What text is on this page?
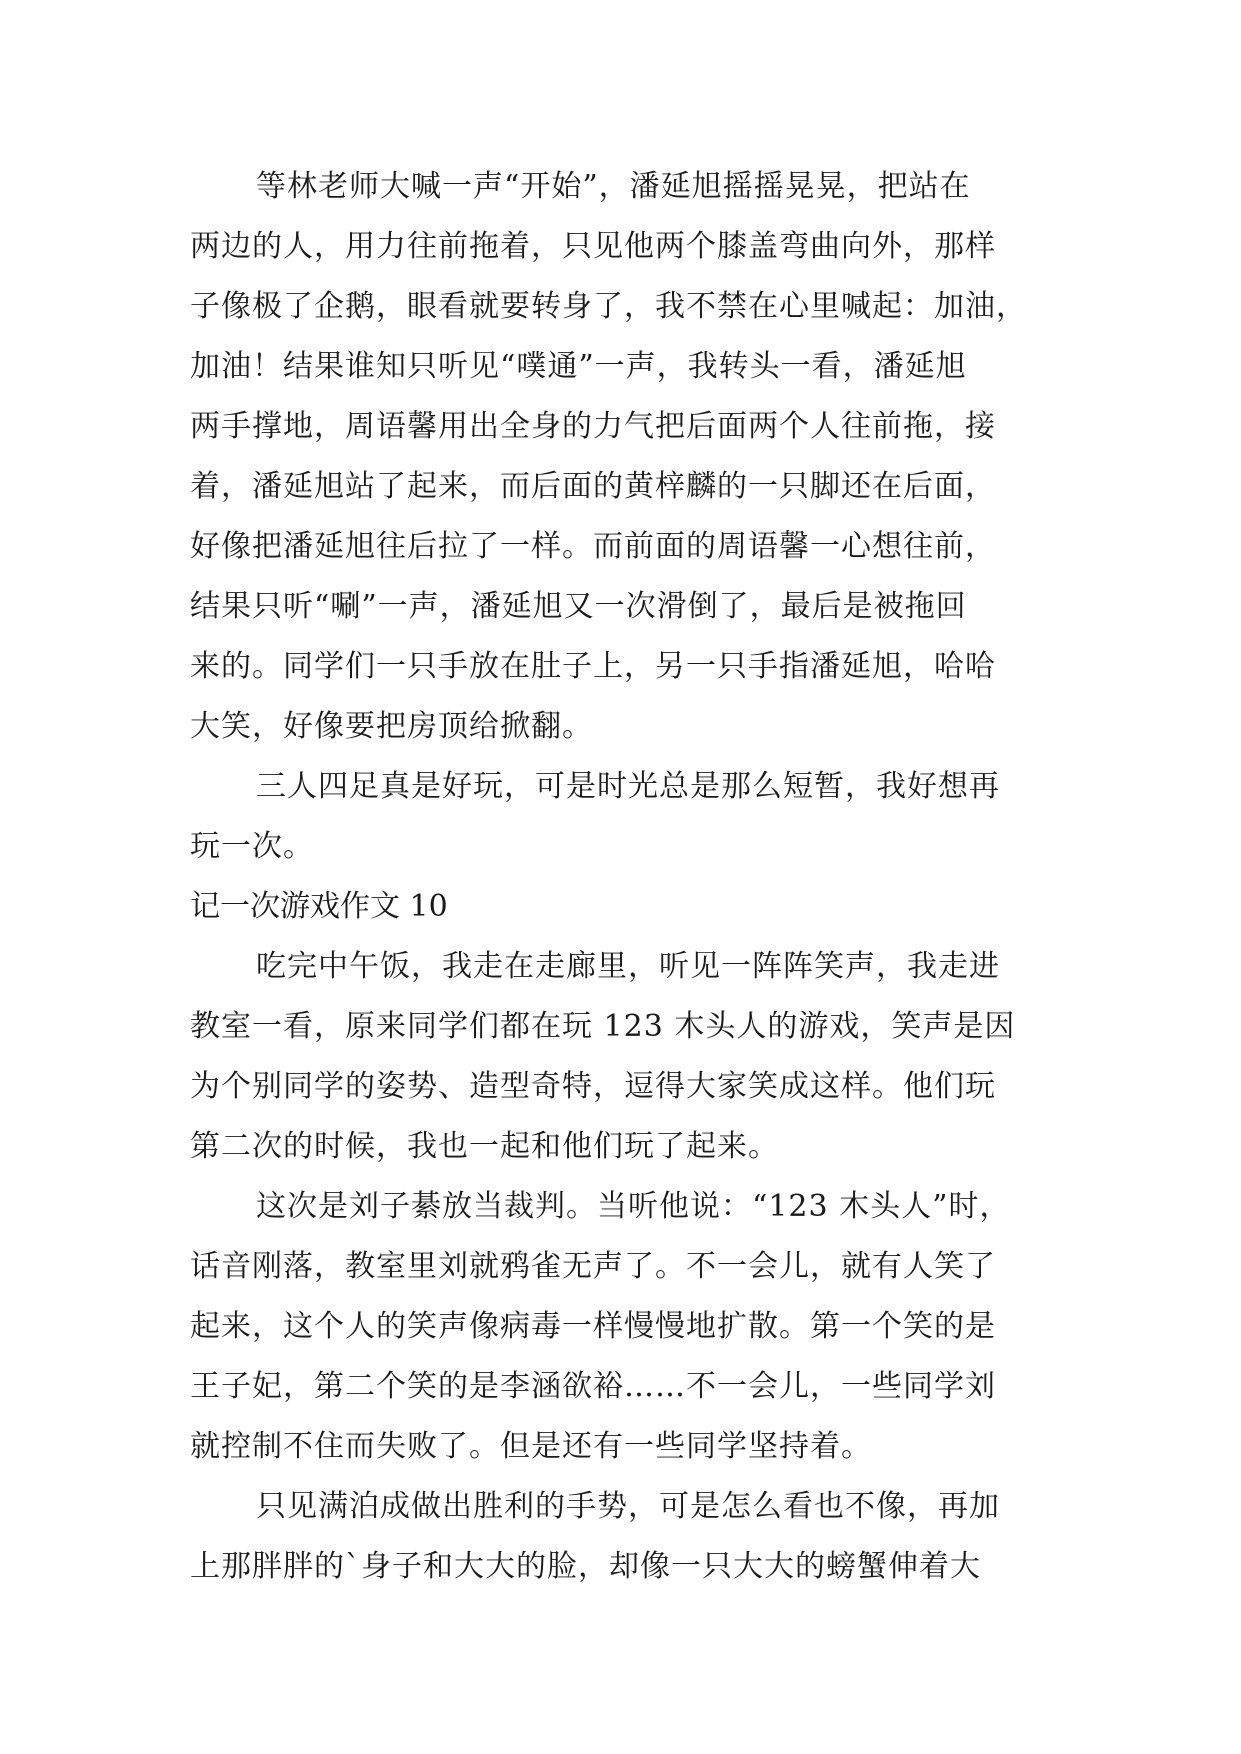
等林老师大喊一声“开始”，潘延旭摇摇晃晃，把站在
两边的人，用力往前拖着，只见他两个膝盖弯曲向外，那样
子像极了企鹅，眼看就要转身了，我不禁在心里喊起：加油，
加油！结果谁知只听见“噗通”一声，我转头一看，潘延旭
两手撑地，周语馨用出全身的力气把后面两个人往前拖，接
着，潘延旭站了起来，而后面的黄梓麟的一只脚还在后面，
好像把潘延旭往后拉了一样。而前面的周语馨一心想往前，
结果只听“唰”一声，潘延旭又一次滑倒了，最后是被拖回
来的。同学们一只手放在肚子上，另一只手指潘延旭，哈哈
大笑，好像要把房顶给掀翻。
三人四足真是好玩，可是时光总是那么短暂，我好想再
玩一次。
记一次游戏作文 10
吃完中午饭，我走在走廊里，听见一阵阵笑声，我走进
教室一看，原来同学们都在玩 123 木头人的游戏，笑声是因
为个别同学的姿势、造型奇特，逗得大家笑成这样。他们玩
第二次的时候，我也一起和他们玩了起来。
这次是刘子綦放当裁判。当听他说：“123 木头人”时，
话音刚落，教室里刘就鸦雀无声了。不一会儿，就有人笑了
起来，这个人的笑声像病毒一样慢慢地扩散。第一个笑的是
王子妃，第二个笑的是李涵欲裕……不一会儿，一些同学刘
就控制不住而失败了。但是还有一些同学坚持着。
只见满泊成做出胜利的手势，可是怎么看也不像，再加
上那胖胖的`身子和大大的脸，却像一只大大的螃蟹伸着大
